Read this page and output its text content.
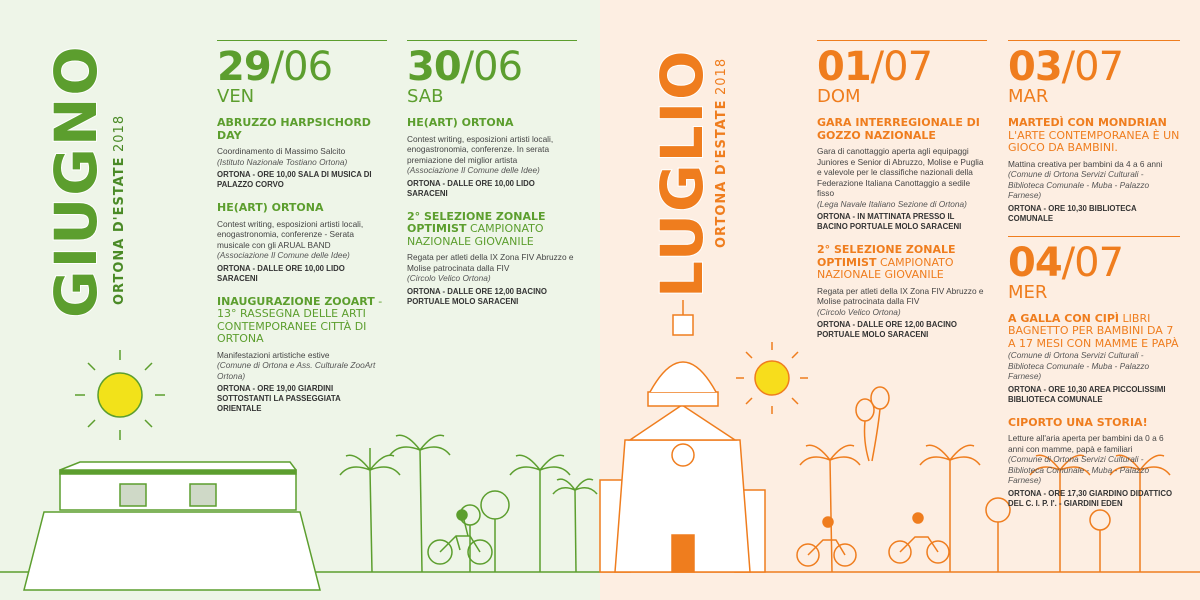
GIUGNO ORTONA D'ESTATE 2018	LUGLIO
ORTONA D'ESTATE 2018
29/06
VEN
ABRUZZO HARPSICHORD DAY
Coordinamento di Massimo Salcito
(Istituto Nazionale Tostiano Ortona)
ORTONA - ORE 10,00 SALA DI MUSICA DI PALAZZO CORVO
HE(ART) ORTONA
Contest writing, esposizioni artisti locali, enogastronomia, conferenze - Serata musicale con gli ARUAL BAND
(Associazione Il Comune delle Idee)
ORTONA - DALLE ORE 10,00 LIDO SARACENI
INAUGURAZIONE ZOOART - 13° RASSEGNA DELLE ARTI CONTEMPORANEE CITTÀ DI ORTONA
Manifestazioni artistiche estive
(Comune di Ortona e Ass. Culturale ZooArt Ortona)
ORTONA - ORE 19,00 GIARDINI SOTTOSTANTI LA PASSEGGIATA ORIENTALE
30/06
SAB
HE(ART) ORTONA
Contest writing, esposizioni artisti locali, enogastronomia, conferenze. In serata premiazione del miglior artista
(Associazione Il Comune delle Idee)
ORTONA - DALLE ORE 10,00 LIDO SARACENI
2° SELEZIONE ZONALE OPTIMIST CAMPIONATO NAZIONALE GIOVANILE
Regata per atleti della IX Zona FIV Abruzzo e Molise patrocinata dalla FIV
(Circolo Velico Ortona)
ORTONA - DALLE ORE 12,00 BACINO PORTUALE MOLO SARACENI
01/07
DOM
GARA INTERREGIONALE DI GOZZO NAZIONALE
Gara di canottaggio aperta agli equipaggi Juniores e Senior di Abruzzo, Molise e Puglia e valevole per le classifiche nazionali della Federazione Italiana Canottaggio a sedile fisso
(Lega Navale Italiano Sezione di Ortona)
ORTONA - IN MATTINATA PRESSO IL BACINO PORTUALE MOLO SARACENI
2° SELEZIONE ZONALE OPTIMIST CAMPIONATO NAZIONALE GIOVANILE
Regata per atleti della IX Zona FIV Abruzzo e Molise patrocinata dalla FIV
(Circolo Velico Ortona)
ORTONA - DALLE ORE 12,00 BACINO PORTUALE MOLO SARACENI
03/07
MAR
MARTEDÌ CON MONDRIAN L'ARTE CONTEMPORANEA È UN GIOCO DA BAMBINI.
Mattina creativa per bambini da 4 a 6 anni
(Comune di Ortona Servizi Culturali - Biblioteca Comunale - Muba - Palazzo Farnese)
ORTONA - ORE 10,30 BIBLIOTECA COMUNALE
04/07
MER
A GALLA CON CIPÌ LIBRI BAGNETTO PER BAMBINI DA 7 A 17 MESI CON MAMME E PAPÀ
(Comune di Ortona Servizi Culturali - Biblioteca Comunale - Muba - Palazzo Farnese)
ORTONA - ORE 10,30 AREA PICCOLISSIMI BIBLIOTECA COMUNALE
CIPORTO UNA STORIA!
Letture all'aria aperta per bambini da 0 a 6 anni con mamme, papà e familiari
(Comune di Ortona Servizi Culturali - Biblioteca Comunale - Muba - Palazzo Farnese)
ORTONA - ORE 17,30 GIARDINO DIDATTICO DEL C. I. P. I'. - GIARDINI EDEN
